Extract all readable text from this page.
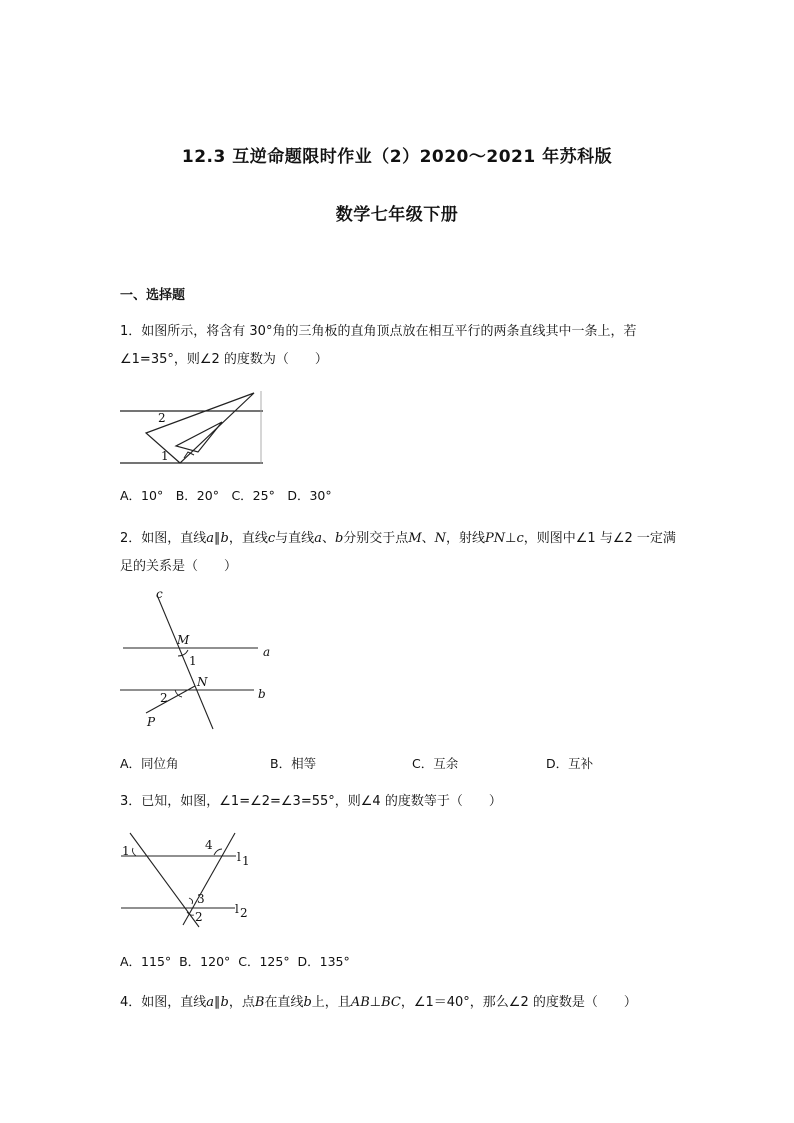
12.3 互逆命题限时作业（2）2020～2021 年苏科版
数学七年级下册
一、选择题
1．如图所示，将含有 30°角的三角板的直角顶点放在相互平行的两条直线其中一条上，若∠1=35°，则∠2 的度数为（　　）
2
1
A．10°　B．20°　C．25°　D．30°
2．如图，直线a∥b，直线c与直线a、b分别交于点M、N，射线PN⊥c，则图中∠1 与∠2 一定满足的关系是（　　）
c
M
1
a
N
2	b
P
A．同位角	B．相等	C．互余	D．互补
3．已知，如图，∠1=∠2=∠3=55°，则∠4 的度数等于（　　）
1	4
l 1
3
2
l 2
A．115°  B．120°  C．125°  D．135°
4．如图，直线a∥b，点B在直线b上，且AB⊥BC，∠1＝40°，那么∠2 的度数是（　　）
